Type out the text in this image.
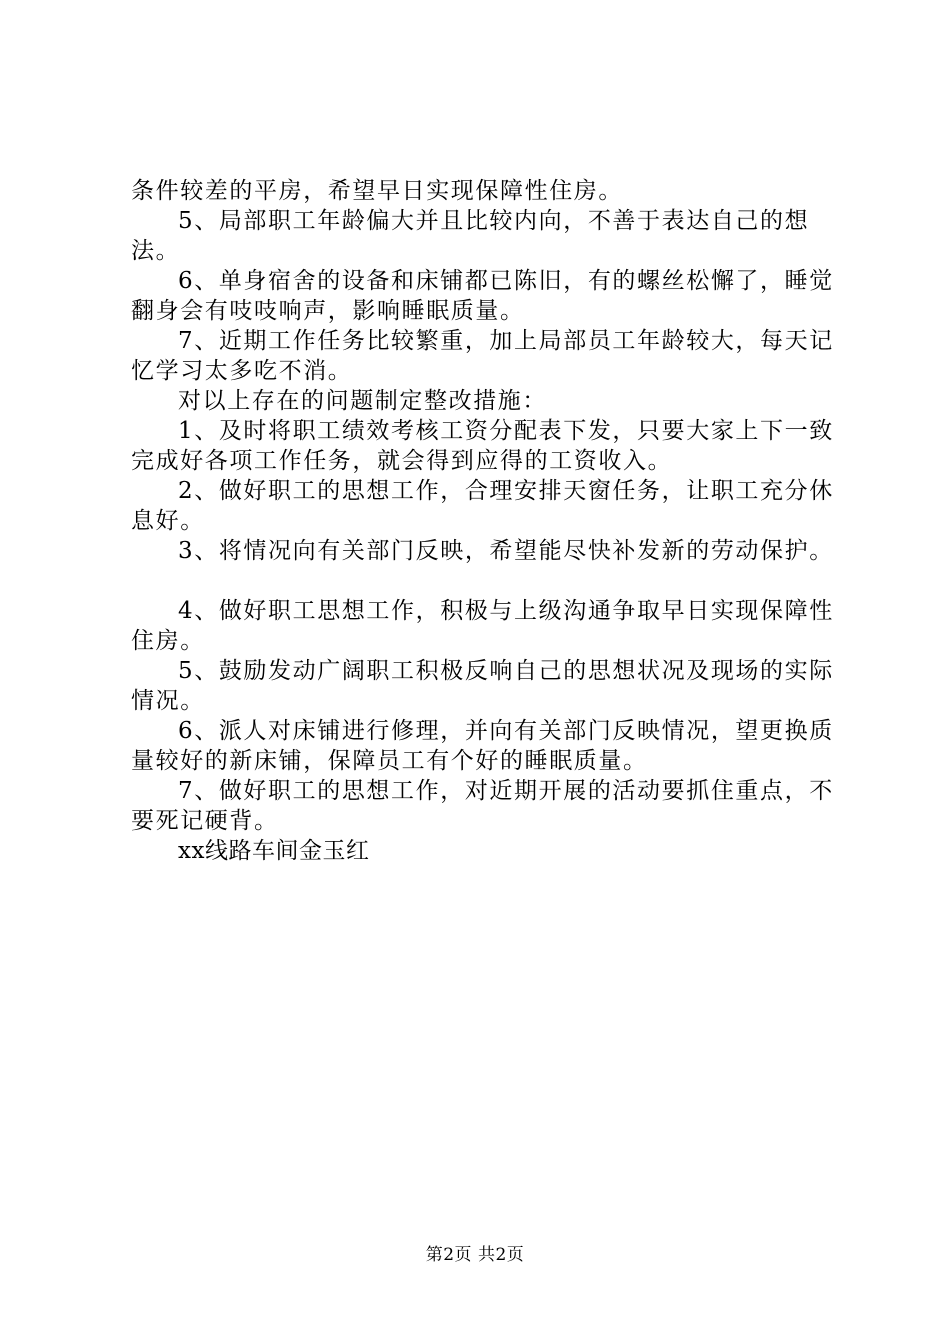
条件较差的平房，希望早日实现保障性住房。

5、局部职工年龄偏大并且比较内向，不善于表达自己的想法。

6、单身宿舍的设备和床铺都已陈旧，有的螺丝松懈了，睡觉翻身会有吱吱响声，影响睡眠质量。

7、近期工作任务比较繁重，加上局部员工年龄较大，每天记忆学习太多吃不消。

对以上存在的问题制定整改措施：

1、及时将职工绩效考核工资分配表下发，只要大家上下一致完成好各项工作任务，就会得到应得的工资收入。

2、做好职工的思想工作，合理安排天窗任务，让职工充分休息好。

3、将情况向有关部门反映，希望能尽快补发新的劳动保护。

4、做好职工思想工作，积极与上级沟通争取早日实现保障性住房。

5、鼓励发动广阔职工积极反响自己的思想状况及现场的实际情况。

6、派人对床铺进行修理，并向有关部门反映情况，望更换质量较好的新床铺，保障员工有个好的睡眠质量。

7、做好职工的思想工作，对近期开展的活动要抓住重点，不要死记硬背。

xx线路车间金玉红

第2页 共2页
